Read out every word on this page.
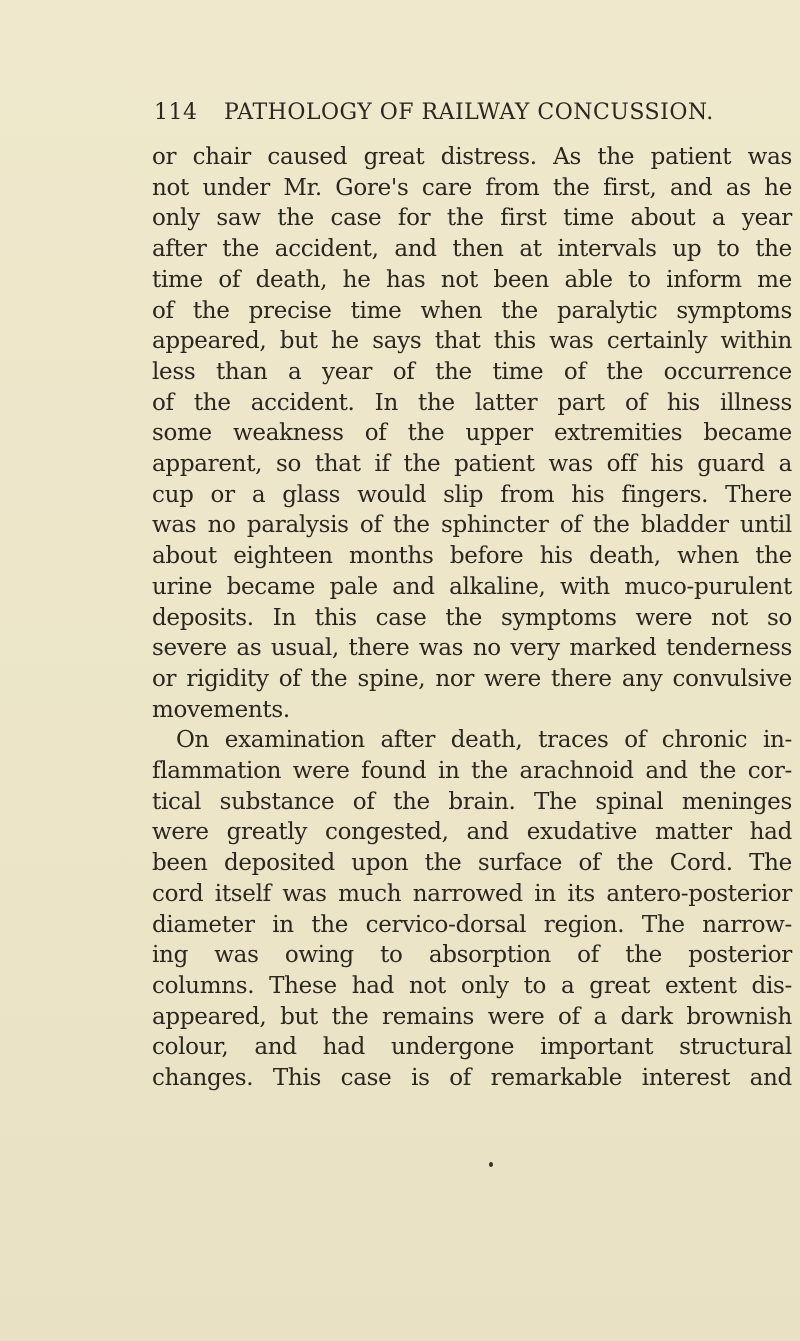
114 PATHOLOGY OF RAILWAY CONCUSSION.
or chair caused great distress. As the patient was
not under Mr. Gore's care from the first, and as he
only saw the case for the first time about a year
after the accident, and then at intervals up to the
time of death, he has not been able to inform me
of the precise time when the paralytic symptoms
appeared, but he says that this was certainly within
less than a year of the time of the occurrence
of the accident. In the latter part of his illness
some weakness of the upper extremities became
apparent, so that if the patient was off his guard a
cup or a glass would slip from his fingers. There
was no paralysis of the sphincter of the bladder until
about eighteen months before his death, when the
urine became pale and alkaline, with muco-purulent
deposits. In this case the symptoms were not so
severe as usual, there was no very marked tenderness
or rigidity of the spine, nor were there any convulsive
movements.
On examination after death, traces of chronic in-
flammation were found in the arachnoid and the cor-
tical substance of the brain. The spinal meninges
were greatly congested, and exudative matter had
been deposited upon the surface of the Cord. The
cord itself was much narrowed in its antero-posterior
diameter in the cervico-dorsal region. The narrow-
ing was owing to absorption of the posterior
columns. These had not only to a great extent dis-
appeared, but the remains were of a dark brownish
colour, and had undergone important structural
changes. This case is of remarkable interest and
